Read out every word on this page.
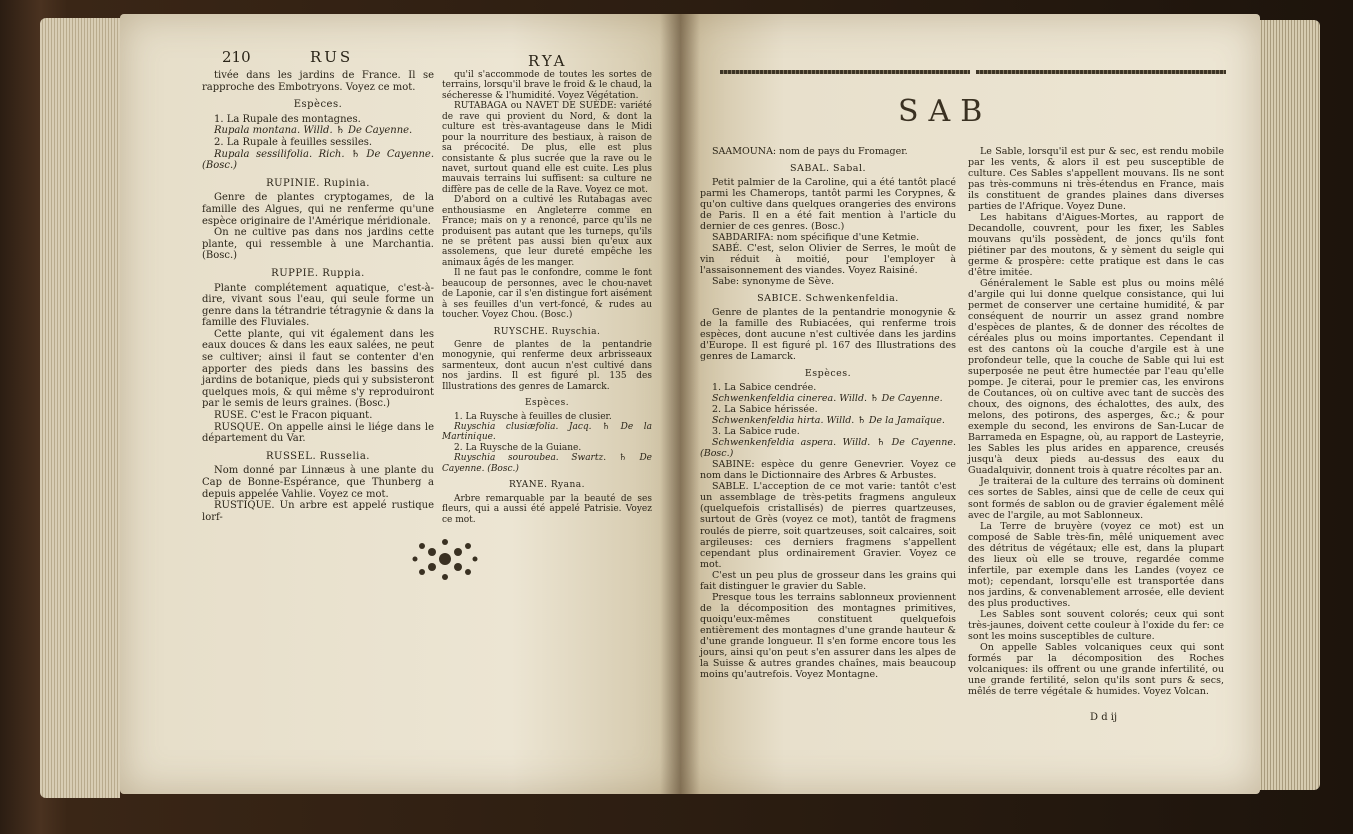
210	RUS	RYA

tivée dans les jardins de France. Il se rapproche des Embotryons. Voyez ce mot.

Espèces.

1. La Rupale des montagnes.

Rupala montana. Willd. ♄ De Cayenne.

2. La Rupale à feuilles sessiles.

Rupala sessilifolia. Rich. ♄ De Cayenne. (Bosc.)

RUPINIE. Rupinia.

Genre de plantes cryptogames, de la famille des Algues, qui ne renferme qu'une espèce originaire de l'Amérique méridionale.

On ne cultive pas dans nos jardins cette plante, qui ressemble à une Marchantia. (Bosc.)

RUPPIE. Ruppia.

Plante complétement aquatique, c'est-à-dire, vivant sous l'eau, qui seule forme un genre dans la tétrandrie tétragynie & dans la famille des Fluviales.

Cette plante, qui vit également dans les eaux douces & dans les eaux salées, ne peut se cultiver; ainsi il faut se contenter d'en apporter des pieds dans les bassins des jardins de botanique, pieds qui y subsisteront quelques mois, & qui même s'y reproduiront par le semis de leurs graines. (Bosc.)

RUSE. C'est le Fracon piquant.

RUSQUE. On appelle ainsi le liége dans le département du Var.

RUSSEL. Russelia.

Nom donné par Linnæus à une plante du Cap de Bonne-Espérance, que Thunberg a depuis appelée Vahlie. Voyez ce mot.

RUSTIQUE. Un arbre est appelé rustique lorf-

qu'il s'accommode de toutes les sortes de terrains, lorsqu'il brave le froid & le chaud, la sécheresse & l'humidité. Voyez Végétation.

RUTABAGA ou NAVET DE SUÈDE: variété de rave qui provient du Nord, & dont la culture est très-avantageuse dans le Midi pour la nourriture des bestiaux, à raison de sa précocité. De plus, elle est plus consistante & plus sucrée que la rave ou le navet, surtout quand elle est cuite. Les plus mauvais terrains lui suffisent: sa culture ne diffère pas de celle de la Rave. Voyez ce mot.

D'abord on a cultivé les Rutabagas avec enthousiasme en Angleterre comme en France; mais on y a renoncé, parce qu'ils ne produisent pas autant que les turneps, qu'ils ne se prêtent pas aussi bien qu'eux aux assolemens, que leur dureté empêche les animaux âgés de les manger.

Il ne faut pas le confondre, comme le font beaucoup de personnes, avec le chou-navet de Laponie, car il s'en distingue fort aisément à ses feuilles d'un vert-foncé, & rudes au toucher. Voyez Chou. (Bosc.)

RUYSCHE. Ruyschia.

Genre de plantes de la pentandrie monogynie, qui renferme deux arbrisseaux sarmenteux, dont aucun n'est cultivé dans nos jardins. Il est figuré pl. 135 des Illustrations des genres de Lamarck.

Espèces.

1. La Ruysche à feuilles de clusier.

Ruyschia clusiæfolia. Jacq. ♄ De la Martinique.

2. La Ruysche de la Guiane.

Ruyschia souroubea. Swartz. ♄ De Cayenne. (Bosc.)

RYANE. Ryana.

Arbre remarquable par la beauté de ses fleurs, qui a aussi été appelé Patrisie. Voyez ce mot.

SAB

SAAMOUNA: nom de pays du Fromager.

SABAL. Sabal.

Petit palmier de la Caroline, qui a été tantôt placé parmi les Chamerops, tantôt parmi les Corypnes, & qu'on cultive dans quelques orangeries des environs de Paris. Il en a été fait mention à l'article du dernier de ces genres. (Bosc.)

SABDARIFA: nom spécifique d'une Ketmie.

SABÉ. C'est, selon Olivier de Serres, le moût de vin réduit à moitié, pour l'employer à l'assaisonnement des viandes. Voyez Raisiné.

Sabe: synonyme de Sève.

SABICE. Schwenkenfeldia.

Genre de plantes de la pentandrie monogynie & de la famille des Rubiacées, qui renferme trois espèces, dont aucune n'est cultivée dans les jardins d'Europe. Il est figuré pl. 167 des Illustrations des genres de Lamarck.

Espèces.

1. La Sabice cendrée.

Schwenkenfeldia cinerea. Willd. ♄ De Cayenne.

2. La Sabice hérissée.

Schwenkenfeldia hirta. Willd. ♄ De la Jamaïque.

3. La Sabice rude.

Schwenkenfeldia aspera. Willd. ♄ De Cayenne. (Bosc.)

SABINE: espèce du genre Genevrier. Voyez ce nom dans le Dictionnaire des Arbres & Arbustes.

SABLE. L'acception de ce mot varie: tantôt c'est un assemblage de très-petits fragmens anguleux (quelquefois cristallisés) de pierres quartzeuses, surtout de Grès (voyez ce mot), tantôt de fragmens roulés de pierre, soit quartzeuses, soit calcaires, soit argileuses: ces derniers fragmens s'appellent cependant plus ordinairement Gravier. Voyez ce mot.

C'est un peu plus de grosseur dans les grains qui fait distinguer le gravier du Sable.

Presque tous les terrains sablonneux proviennent de la décomposition des montagnes primitives, quoiqu'eux-mêmes constituent quelquefois entièrement des montagnes d'une grande hauteur & d'une grande longueur. Il s'en forme encore tous les jours, ainsi qu'on peut s'en assurer dans les alpes de la Suisse & autres grandes chaînes, mais beaucoup moins qu'autrefois. Voyez Montagne.

Le Sable, lorsqu'il est pur & sec, est rendu mobile par les vents, & alors il est peu susceptible de culture. Ces Sables s'appellent mouvans. Ils ne sont pas très-communs ni très-étendus en France, mais ils constituent de grandes plaines dans diverses parties de l'Afrique. Voyez Dune.

Les habitans d'Aigues-Mortes, au rapport de Decandolle, couvrent, pour les fixer, les Sables mouvans qu'ils possèdent, de joncs qu'ils font piétiner par des moutons, & y sèment du seigle qui germe & prospère: cette pratique est dans le cas d'être imitée.

Généralement le Sable est plus ou moins mêlé d'argile qui lui donne quelque consistance, qui lui permet de conserver une certaine humidité, & par conséquent de nourrir un assez grand nombre d'espèces de plantes, & de donner des récoltes de céréales plus ou moins importantes. Cependant il est des cantons où la couche d'argile est à une profondeur telle, que la couche de Sable qui lui est superposée ne peut être humectée par l'eau qu'elle pompe. Je citerai, pour le premier cas, les environs de Coutances, où on cultive avec tant de succès des choux, des oignons, des échalottes, des aulx, des melons, des potirons, des asperges, &c.; & pour exemple du second, les environs de San-Lucar de Barrameda en Espagne, où, au rapport de Lasteyrie, les Sables les plus arides en apparence, creusés jusqu'à deux pieds au-dessus des eaux du Guadalquivir, donnent trois à quatre récoltes par an.

Je traiterai de la culture des terrains où dominent ces sortes de Sables, ainsi que de celle de ceux qui sont formés de sablon ou de gravier également mêlé avec de l'argile, au mot Sablonneux.

La Terre de bruyère (voyez ce mot) est un composé de Sable très-fin, mêlé uniquement avec des détritus de végétaux; elle est, dans la plupart des lieux où elle se trouve, regardée comme infertile, par exemple dans les Landes (voyez ce mot); cependant, lorsqu'elle est transportée dans nos jardins, & convenablement arrosée, elle devient des plus productives.

Les Sables sont souvent colorés; ceux qui sont très-jaunes, doivent cette couleur à l'oxide du fer: ce sont les moins susceptibles de culture.

On appelle Sables volcaniques ceux qui sont formés par la décomposition des Roches volcaniques: ils offrent ou une grande infertilité, ou une grande fertilité, selon qu'ils sont purs & secs, mêlés de terre végétale & humides. Voyez Volcan.

D d ij
